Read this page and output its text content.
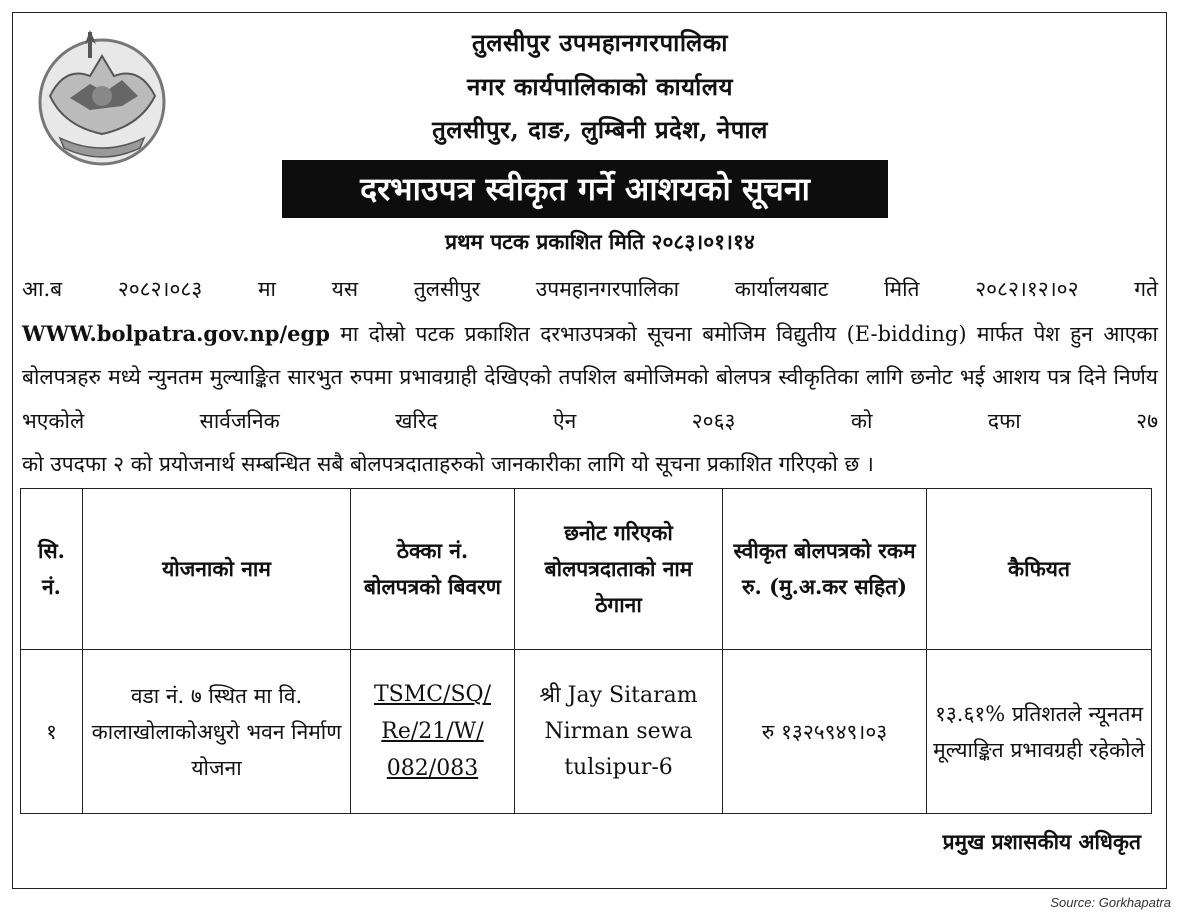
तुलसीपुर उपमहानगरपालिका
नगर कार्यपालिकाको कार्यालय
तुलसीपुर, दाङ, लुम्बिनी प्रदेश, नेपाल
दरभाउपत्र स्वीकृत गर्ने आशयको सूचना
प्रथम पटक प्रकाशित मिति २०८३।०१।१४
आ.ब २०८२।०८३ मा यस तुलसीपुर उपमहानगरपालिका कार्यालयबाट मिति २०८२।१२।०२ गते
WWW.bolpatra.gov.np/egp मा दोस्रो पटक प्रकाशित दरभाउपत्रको सूचना बमोजिम विद्युतीय (E-bidding) मार्फत पेश हुन आएका बोलपत्रहरु मध्ये न्युनतम मुल्याङ्कित सारभुत रुपमा प्रभावग्राही देखिएको तपशिल बमोजिमको बोलपत्र स्वीकृतिका लागि छनोट भई आशय पत्र दिने निर्णय भएकोले सार्वजनिक खरिद ऐन २०६३ को दफा २७
को उपदफा २ को प्रयोजनार्थ सम्बन्धित सबै बोलपत्रदाताहरुको जानकारीका लागि यो सूचना प्रकाशित गरिएको छ ।
सि. नं.	योजनाको नाम	ठेक्का नं. बोलपत्रको बिवरण	छनोट गरिएको बोलपत्रदाताको नाम ठेगाना	स्वीकृत बोलपत्रको रकम रु. (मु.अ.कर सहित)	कैफियत
१	वडा नं. ७ स्थित मा वि. कालाखोलाकोअधुरो भवन निर्माण योजना	TSMC/SQ/ Re/21/W/ 082/083	श्री Jay Sitaram Nirman sewa tulsipur-6	रु १३२५९४९।०३	१३.६१% प्रतिशतले न्यूनतम मूल्याङ्कित प्रभावग्रही रहेकोले
प्रमुख प्रशासकीय अधिकृत
Source: Gorkhapatra
